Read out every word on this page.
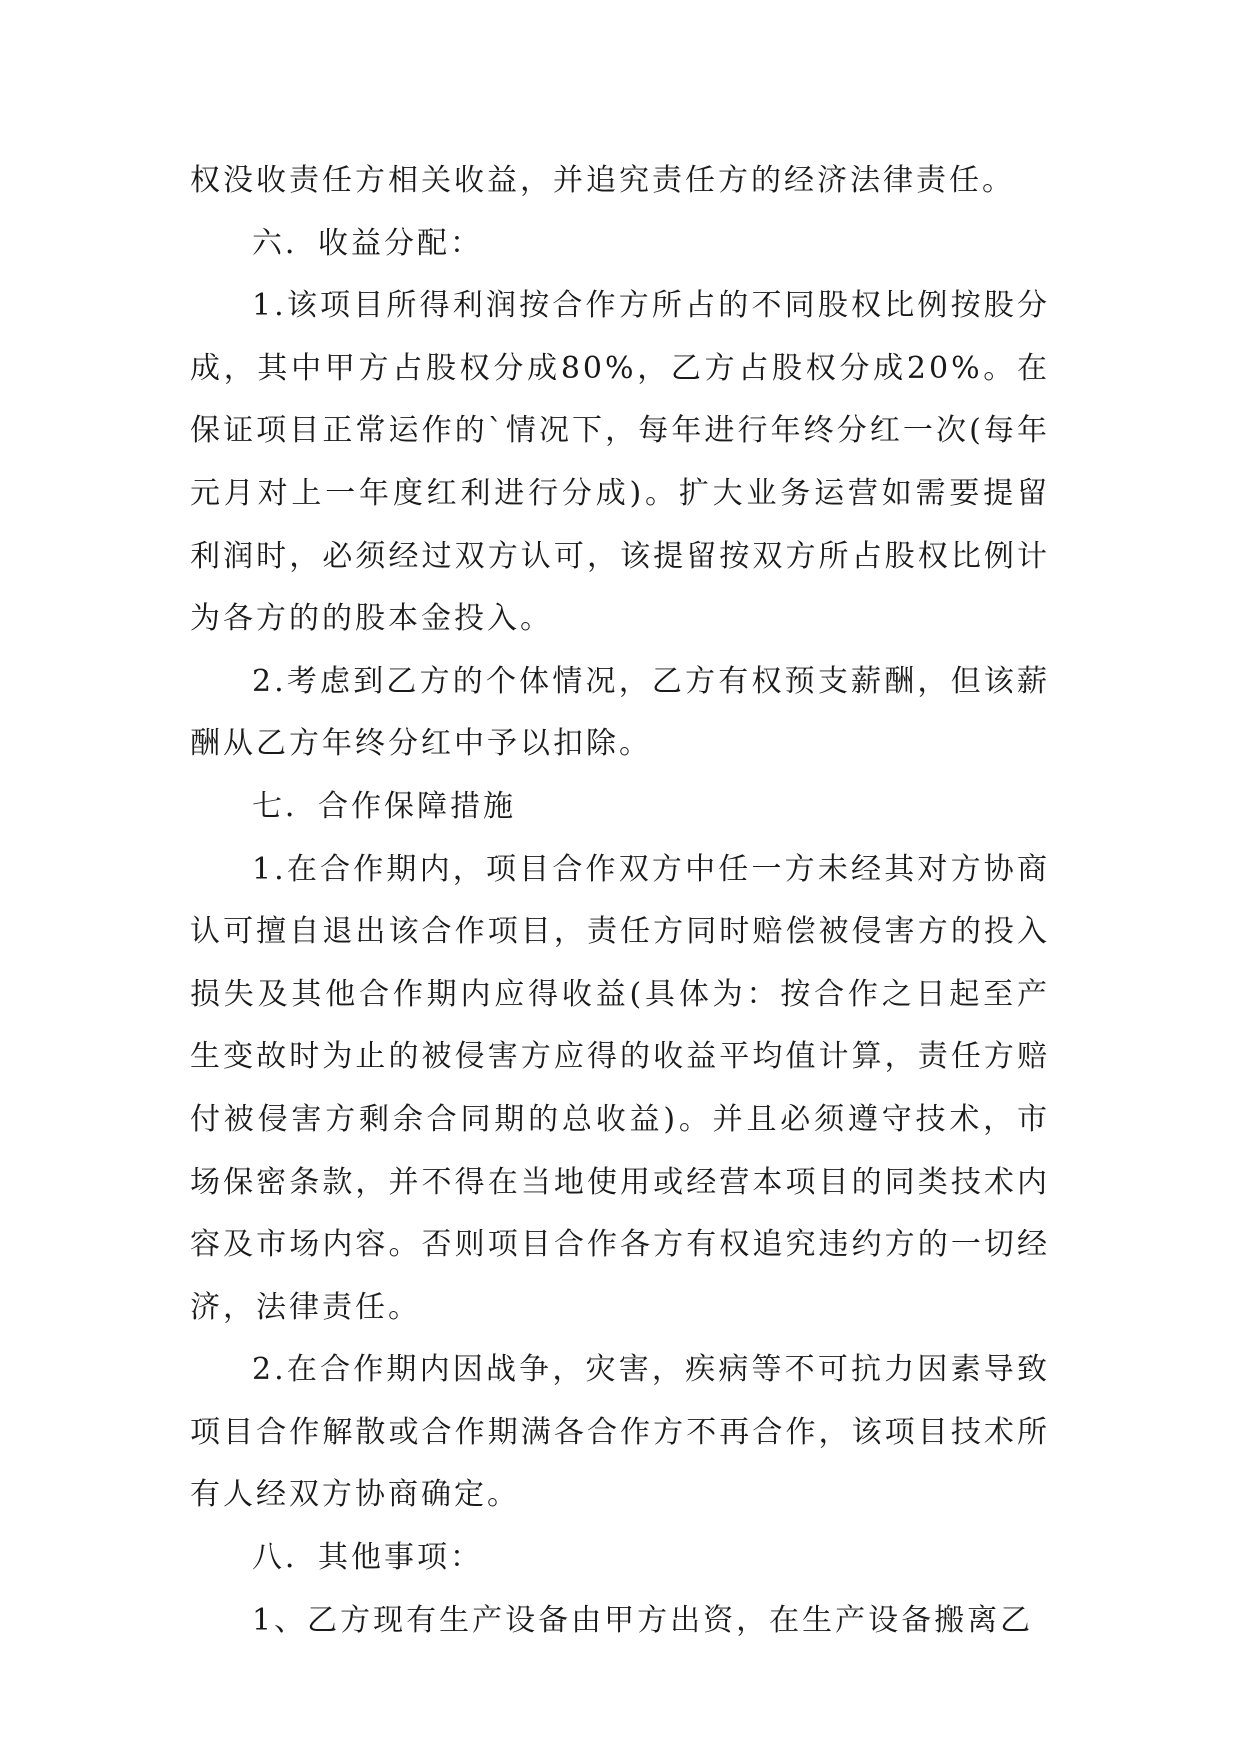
权没收责任方相关收益，并追究责任方的经济法律责任。

六．收益分配：

1.该项目所得利润按合作方所占的不同股权比例按股分成，其中甲方占股权分成80%，乙方占股权分成20%。在保证项目正常运作的`情况下，每年进行年终分红一次(每年元月对上一年度红利进行分成)。扩大业务运营如需要提留利润时，必须经过双方认可，该提留按双方所占股权比例计为各方的的股本金投入。

2.考虑到乙方的个体情况，乙方有权预支薪酬，但该薪酬从乙方年终分红中予以扣除。

七．合作保障措施

1.在合作期内，项目合作双方中任一方未经其对方协商认可擅自退出该合作项目，责任方同时赔偿被侵害方的投入损失及其他合作期内应得收益(具体为：按合作之日起至产生变故时为止的被侵害方应得的收益平均值计算，责任方赔付被侵害方剩余合同期的总收益)。并且必须遵守技术，市场保密条款，并不得在当地使用或经营本项目的同类技术内容及市场内容。否则项目合作各方有权追究违约方的一切经济，法律责任。

2.在合作期内因战争，灾害，疾病等不可抗力因素导致项目合作解散或合作期满各合作方不再合作，该项目技术所有人经双方协商确定。

八．其他事项：

1、乙方现有生产设备由甲方出资，在生产设备搬离乙
